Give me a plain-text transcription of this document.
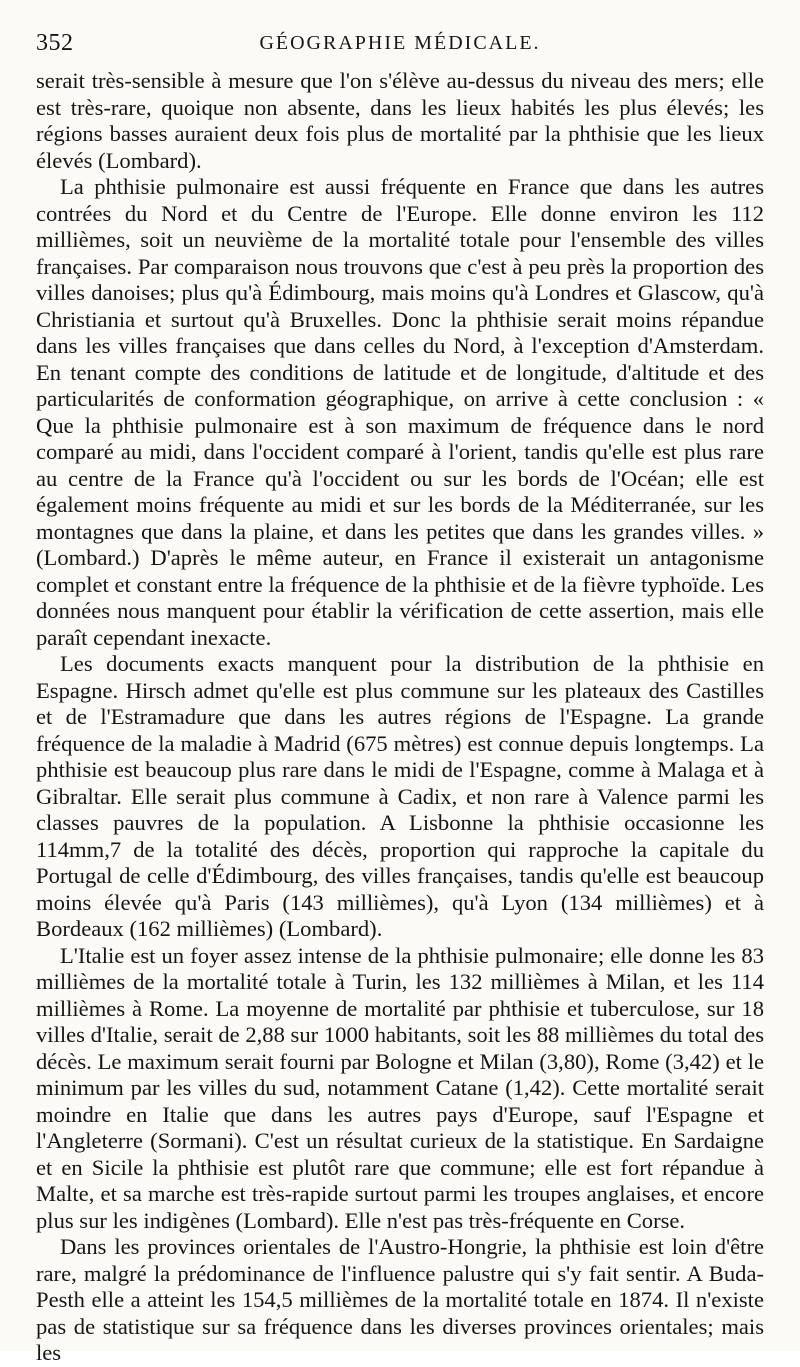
352	GÉOGRAPHIE MÉDICALE.

serait très-sensible à mesure que l'on s'élève au-dessus du niveau des mers; elle est très-rare, quoique non absente, dans les lieux habités les plus élevés; les régions basses auraient deux fois plus de mortalité par la phthisie que les lieux élevés (Lombard).

La phthisie pulmonaire est aussi fréquente en France que dans les autres contrées du Nord et du Centre de l'Europe. Elle donne environ les 112 millièmes, soit un neuvième de la mortalité totale pour l'ensemble des villes françaises. Par comparaison nous trouvons que c'est à peu près la proportion des villes danoises; plus qu'à Édimbourg, mais moins qu'à Londres et Glascow, qu'à Christiania et surtout qu'à Bruxelles. Donc la phthisie serait moins répandue dans les villes françaises que dans celles du Nord, à l'exception d'Amsterdam. En tenant compte des conditions de latitude et de longitude, d'altitude et des particularités de conformation géographique, on arrive à cette conclusion : « Que la phthisie pulmonaire est à son maximum de fréquence dans le nord comparé au midi, dans l'occident comparé à l'orient, tandis qu'elle est plus rare au centre de la France qu'à l'occident ou sur les bords de l'Océan; elle est également moins fréquente au midi et sur les bords de la Méditerranée, sur les montagnes que dans la plaine, et dans les petites que dans les grandes villes. » (Lombard.) D'après le même auteur, en France il existerait un antagonisme complet et constant entre la fréquence de la phthisie et de la fièvre typhoïde. Les données nous manquent pour établir la vérification de cette assertion, mais elle paraît cependant inexacte.

Les documents exacts manquent pour la distribution de la phthisie en Espagne. Hirsch admet qu'elle est plus commune sur les plateaux des Castilles et de l'Estramadure que dans les autres régions de l'Espagne. La grande fréquence de la maladie à Madrid (675 mètres) est connue depuis longtemps. La phthisie est beaucoup plus rare dans le midi de l'Espagne, comme à Malaga et à Gibraltar. Elle serait plus commune à Cadix, et non rare à Valence parmi les classes pauvres de la population. A Lisbonne la phthisie occasionne les 114mm,7 de la totalité des décès, proportion qui rapproche la capitale du Portugal de celle d'Édimbourg, des villes françaises, tandis qu'elle est beaucoup moins élevée qu'à Paris (143 millièmes), qu'à Lyon (134 millièmes) et à Bordeaux (162 millièmes) (Lombard).

L'Italie est un foyer assez intense de la phthisie pulmonaire; elle donne les 83 millièmes de la mortalité totale à Turin, les 132 millièmes à Milan, et les 114 millièmes à Rome. La moyenne de mortalité par phthisie et tuberculose, sur 18 villes d'Italie, serait de 2,88 sur 1000 habitants, soit les 88 millièmes du total des décès. Le maximum serait fourni par Bologne et Milan (3,80), Rome (3,42) et le minimum par les villes du sud, notamment Catane (1,42). Cette mortalité serait moindre en Italie que dans les autres pays d'Europe, sauf l'Espagne et l'Angleterre (Sormani). C'est un résultat curieux de la statistique. En Sardaigne et en Sicile la phthisie est plutôt rare que commune; elle est fort répandue à Malte, et sa marche est très-rapide surtout parmi les troupes anglaises, et encore plus sur les indigènes (Lombard). Elle n'est pas très-fréquente en Corse.

Dans les provinces orientales de l'Austro-Hongrie, la phthisie est loin d'être rare, malgré la prédominance de l'influence palustre qui s'y fait sentir. A Buda-Pesth elle a atteint les 154,5 millièmes de la mortalité totale en 1874. Il n'existe pas de statistique sur sa fréquence dans les diverses provinces orientales; mais les
